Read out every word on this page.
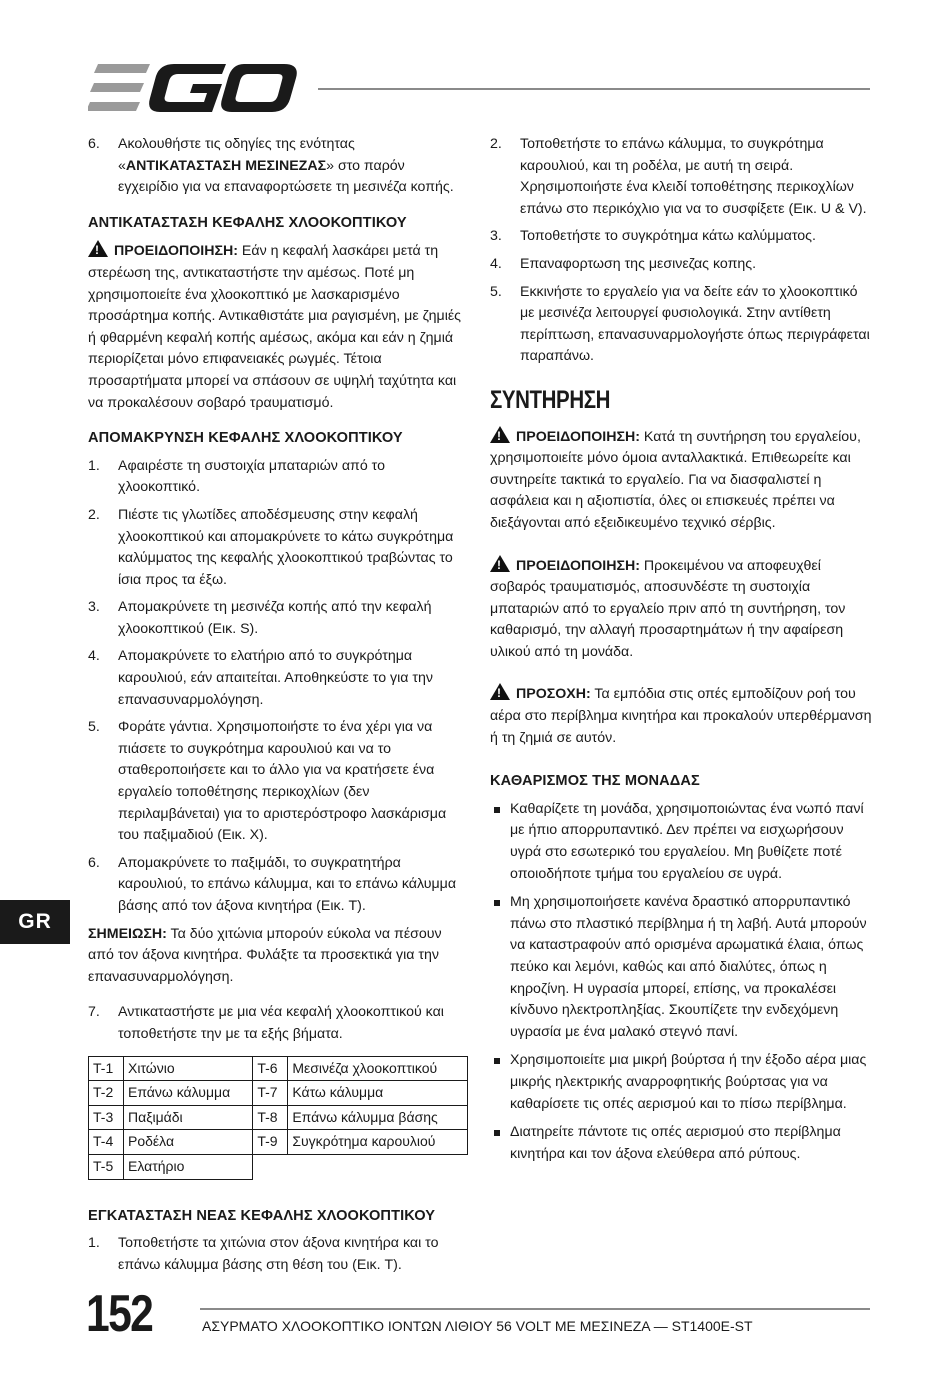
6.	Ακολουθήστε τις οδηγίες της ενότητας «ΑΝΤΙΚΑΤΑΣΤΑΣΗ ΜΕΣΙΝΕΖΑΣ» στο παρόν εγχειρίδιο για να επαναφορτώσετε τη μεσινέζα κοπής.
ΑΝΤΙΚΑΤΑΣΤΑΣΗ ΚΕΦΑΛΗΣ ΧΛΟΟΚΟΠΤΙΚΟΥ

!ΠΡΟΕΙΔΟΠΟΙΗΣΗ: Εάν η κεφαλή λασκάρει μετά τη στερέωση της, αντικαταστήστε την αμέσως. Ποτέ μη χρησιμοποιείτε ένα χλοοκοπτικό με λασκαρισμένο προσάρτημα κοπής. Αντικαθιστάτε μια ραγισμένη, με ζημιές ή φθαρμένη κεφαλή κοπής αμέσως, ακόμα και εάν η ζημιά περιορίζεται μόνο επιφανειακές ρωγμές. Τέτοια προσαρτήματα μπορεί να σπάσουν σε υψηλή ταχύτητα και να προκαλέσουν σοβαρό τραυματισμό.

ΑΠΟΜΑΚΡΥΝΣΗ ΚΕΦΑΛΗΣ ΧΛΟΟΚΟΠΤΙΚΟΥ
1.	Αφαιρέστε τη συστοιχία μπαταριών από το χλοοκοπτικό.
2.	Πιέστε τις γλωτίδες αποδέσμευσης στην κεφαλή χλοοκοπτικού και απομακρύνετε το κάτω συγκρότημα καλύμματος της κεφαλής χλοοκοπτικού τραβώντας το ίσια προς τα έξω.
3.	Απομακρύνετε τη μεσινέζα κοπής από την κεφαλή χλοοκοπτικού (Εικ. S).
4.	Απομακρύνετε το ελατήριο από το συγκρότημα καρουλιού, εάν απαιτείται. Αποθηκεύστε το για την επανασυναρμολόγηση.
5.	Φοράτε γάντια. Χρησιμοποιήστε το ένα χέρι για να πιάσετε το συγκρότημα καρουλιού και να το σταθεροποιήσετε και το άλλο για να κρατήσετε ένα εργαλείο τοποθέτησης περικοχλίων (δεν περιλαμβάνεται) για το αριστερόστροφο λασκάρισμα του παξιμαδιού (Εικ. X).
6.	Απομακρύνετε το παξιμάδι, το συγκρατητήρα καρουλιού, το επάνω κάλυμμα, και το επάνω κάλυμμα βάσης από τον άξονα κινητήρα (Εικ. T).

ΣΗΜΕΙΩΣΗ: Τα δύο χιτώνια μπορούν εύκολα να πέσουν από τον άξονα κινητήρα. Φυλάξτε τα προσεκτικά για την επανασυναρμολόγηση.

7.	Αντικαταστήστε με μια νέα κεφαλή χλοοκοπτικού και τοποθετήστε την με τα εξής βήματα.
T-1	Χιτώνιο	T-6	Μεσινέζα χλοοκοπτικού
T-2	Επάνω κάλυμμα	T-7	Κάτω κάλυμμα
T-3	Παξιμάδι	T-8	Επάνω κάλυμμα βάσης
T-4	Ροδέλα	T-9	Συγκρότημα καρουλιού
T-5	Ελατήριο		
ΕΓΚΑΤΑΣΤΑΣΗ ΝΕΑΣ ΚΕΦΑΛΗΣ ΧΛΟΟΚΟΠΤΙΚΟΥ
1.	Τοποθετήστε τα χιτώνια στον άξονα κινητήρα και το επάνω κάλυμμα βάσης στη θέση του (Εικ. T).
2.	Τοποθετήστε το επάνω κάλυμμα, το συγκρότημα καρουλιού, και τη ροδέλα, με αυτή τη σειρά. Χρησιμοποιήστε ένα κλειδί τοποθέτησης περικοχλίων επάνω στο περικόχλιο για να το συσφίξετε (Εικ. U & V).
3.	Τοποθετήστε το συγκρότημα κάτω καλύμματος.
4.	Επαναφορτωση της μεσινεζας κοπης.
5.	Εκκινήστε το εργαλείο για να δείτε εάν το χλοοκοπτικό με μεσινέζα λειτουργεί φυσιολογικά. Στην αντίθετη περίπτωση, επανασυναρμολογήστε όπως περιγράφεται παραπάνω.
ΣΥΝΤΗΡΗΣΗ

!ΠΡΟΕΙΔΟΠΟΙΗΣΗ: Κατά τη συντήρηση του εργαλείου, χρησιμοποιείτε μόνο όμοια ανταλλακτικά. Επιθεωρείτε και συντηρείτε τακτικά το εργαλείο. Για να διασφαλιστεί η ασφάλεια και η αξιοπιστία, όλες οι επισκευές πρέπει να διεξάγονται από εξειδικευμένο τεχνικό σέρβις.

!ΠΡΟΕΙΔΟΠΟΙΗΣΗ: Προκειμένου να αποφευχθεί σοβαρός τραυματισμός, αποσυνδέστε τη συστοιχία μπαταριών από το εργαλείο πριν από τη συντήρηση, τον καθαρισμό, την αλλαγή προσαρτημάτων ή την αφαίρεση υλικού από τη μονάδα.

!ΠΡΟΣΟΧΗ: Τα εμπόδια στις οπές εμποδίζουν ροή του αέρα στο περίβλημα κινητήρα και προκαλούν υπερθέρμανση ή τη ζημιά σε αυτόν.

ΚΑΘΑΡΙΣΜΟΣ ΤΗΣ ΜΟΝΑΔΑΣ
Καθαρίζετε τη μονάδα, χρησιμοποιώντας ένα νωπό πανί με ήπιο απορρυπαντικό. Δεν πρέπει να εισχωρήσουν υγρά στο εσωτερικό του εργαλείου. Μη βυθίζετε ποτέ οποιοδήποτε τμήμα του εργαλείου σε υγρά.
Μη χρησιμοποιήσετε κανένα δραστικό απορρυπαντικό πάνω στο πλαστικό περίβλημα ή τη λαβή. Αυτά μπορούν να καταστραφούν από ορισμένα αρωματικά έλαια, όπως πεύκο και λεμόνι, καθώς και από διαλύτες, όπως η κηροζίνη. Η υγρασία μπορεί, επίσης, να προκαλέσει κίνδυνο ηλεκτροπληξίας. Σκουπίζετε την ενδεχόμενη υγρασία με ένα μαλακό στεγνό πανί.
Χρησιμοποιείτε μια μικρή βούρτσα ή την έξοδο αέρα μιας μικρής ηλεκτρικής αναρροφητικής βούρτσας για να καθαρίσετε τις οπές αερισμού και το πίσω περίβλημα.
Διατηρείτε πάντοτε τις οπές αερισμού στο περίβλημα κινητήρα και τον άξονα ελεύθερα από ρύπους.
GR
152	ΑΣΥΡΜΑΤΟ ΧΛΟΟΚΟΠΤΙΚΟ ΙΟΝΤΩΝ ΛΙΘΙΟΥ 56 VOLT ΜΕ ΜΕΣΙΝΕΖΑ — ST1400E-ST
